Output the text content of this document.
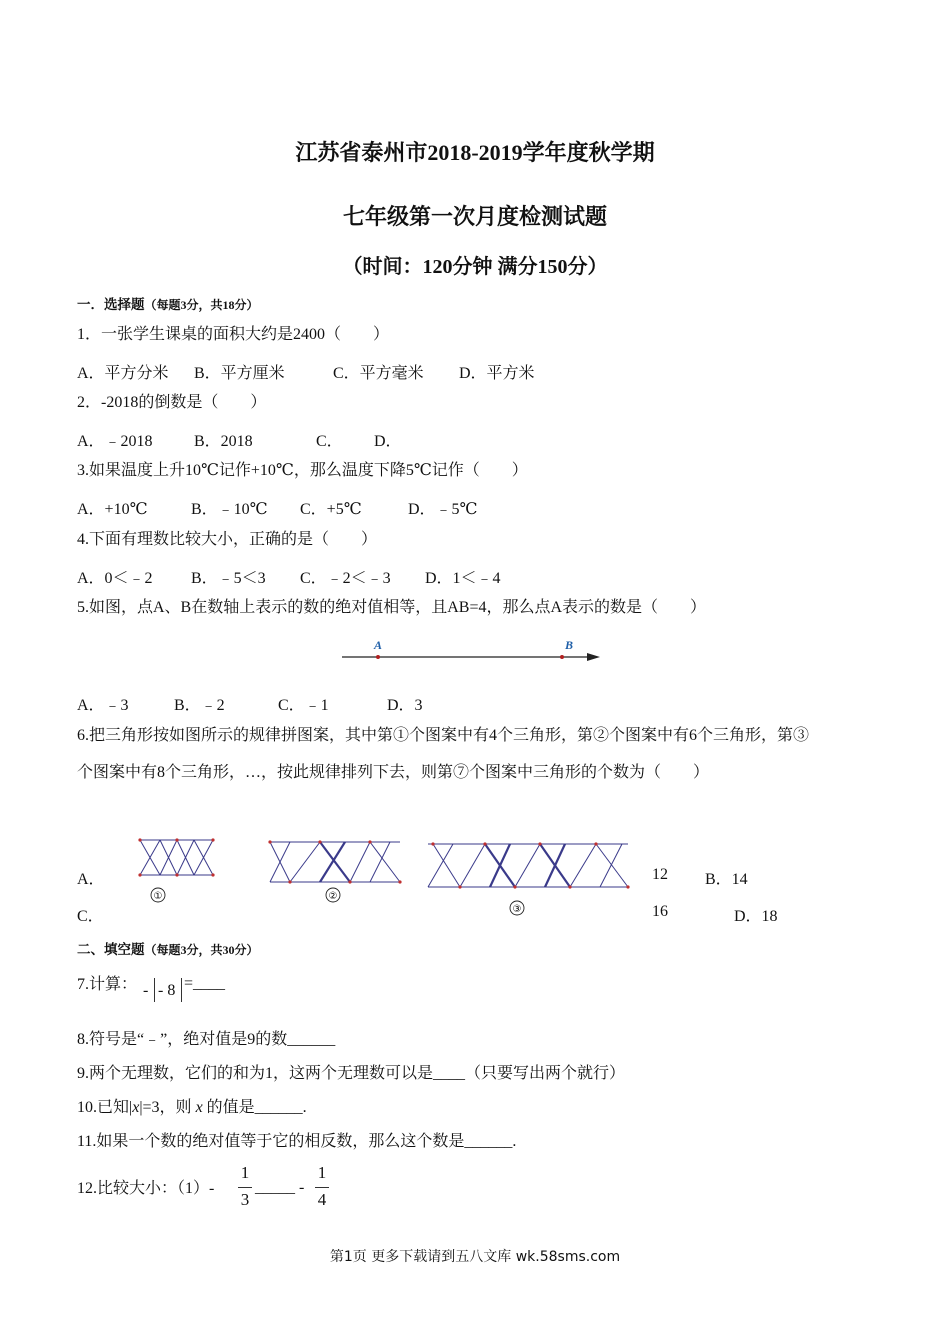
江苏省泰州市2018-2019学年度秋学期
七年级第一次月度检测试题
（时间：120分钟 满分150分）
一．选择题（每题3分，共18分）
1．一张学生课桌的面积大约是2400（　　）
A．平方分米 B．平方厘米	C．平方毫米 D．平方米
2．-2018的倒数是（　　）
A．﹣2018	B．2018	C． D．
3.如果温度上升10℃记作+10℃，那么温度下降5℃记作（　　）
A．+10℃	B．﹣10℃ C．+5℃	D．﹣5℃
4.下面有理数比较大小，正确的是（　　）
A．0＜﹣2 B．﹣5＜3 C．﹣2＜﹣3 D．1＜﹣4
5.如图，点A、B在数轴上表示的数的绝对值相等，且AB=4，那么点A表示的数是（　　）
A	B
A．﹣3	B．﹣2	C．﹣1	D．3
6.把三角形按如图所示的规律拼图案，其中第①个图案中有4个三角形，第②个图案中有6个三角形，第③
个图案中有8个三角形，…，按此规律排列下去，则第⑦个图案中三角形的个数为（　　）
①	②
③
A．	12 B．14
C．	16	D．18
二、填空题（每题3分，共30分）
7.计算： - - 8 =____
8.符号是“﹣”，绝对值是9的数______
9.两个无理数，它们的和为1，这两个无理数可以是____（只要写出两个就行）
10.已知|x|=3，则 x 的值是______.
11.如果一个数的绝对值等于它的相反数，那么这个数是______.
12.比较大小：（1）-
1
3
_____ -
1
4
第1页 更多下载请到五八文库 wk.58sms.com
